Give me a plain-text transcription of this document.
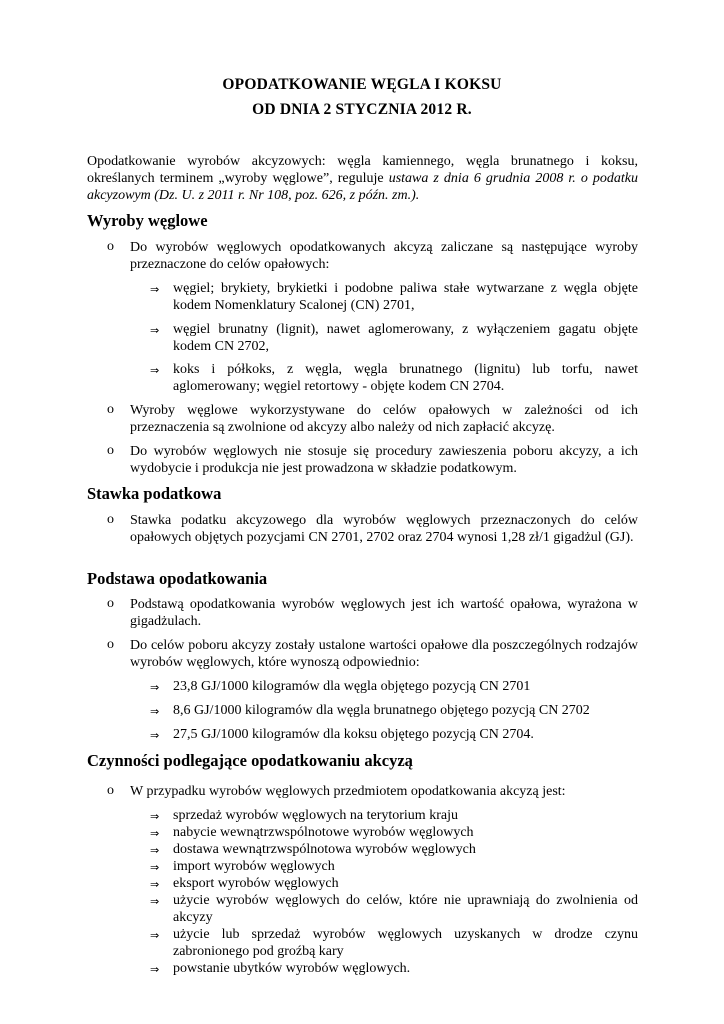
OPODATKOWANIE WĘGLA I KOKSU
OD DNIA 2 STYCZNIA 2012 R.
Opodatkowanie wyrobów akcyzowych: węgla kamiennego, węgla brunatnego i koksu, określanych terminem „wyroby węglowe”, reguluje ustawa z dnia 6 grudnia 2008 r. o podatku akcyzowym (Dz. U. z 2011 r. Nr 108, poz. 626, z późn. zm.).
Wyroby węglowe
o Do wyrobów węglowych opodatkowanych akcyzą zaliczane są następujące wyroby przeznaczone do celów opałowych:
⇒ węgiel; brykiety, brykietki i podobne paliwa stałe wytwarzane z węgla objęte kodem Nomenklatury Scalonej (CN) 2701,
⇒ węgiel brunatny (lignit), nawet aglomerowany, z wyłączeniem gagatu objęte kodem CN 2702,
⇒ koks i półkoks, z węgla, węgla brunatnego (lignitu) lub torfu, nawet aglomerowany; węgiel retortowy - objęte kodem CN 2704.
o Wyroby węglowe wykorzystywane do celów opałowych w zależności od ich przeznaczenia są zwolnione od akcyzy albo należy od nich zapłacić akcyzę.
o Do wyrobów węglowych nie stosuje się procedury zawieszenia poboru akcyzy, a ich wydobycie i produkcja nie jest prowadzona w składzie podatkowym.
Stawka podatkowa
o Stawka podatku akcyzowego dla wyrobów węglowych przeznaczonych do celów opałowych objętych pozycjami CN 2701, 2702 oraz 2704 wynosi 1,28 zł/1 gigadżul (GJ).
Podstawa opodatkowania
o Podstawą opodatkowania wyrobów węglowych jest ich wartość opałowa, wyrażona w gigadżulach.
o Do celów poboru akcyzy zostały ustalone wartości opałowe dla poszczególnych rodzajów wyrobów węglowych, które wynoszą odpowiednio:
⇒ 23,8 GJ/1000 kilogramów dla węgla objętego pozycją CN 2701
⇒ 8,6 GJ/1000 kilogramów dla węgla brunatnego objętego pozycją CN 2702
⇒ 27,5 GJ/1000 kilogramów dla koksu objętego pozycją CN 2704.
Czynności podlegające opodatkowaniu akcyzą
o W przypadku wyrobów węglowych przedmiotem opodatkowania akcyzą jest:
⇒ sprzedaż wyrobów węglowych na terytorium kraju
⇒ nabycie wewnątrzwspólnotowe wyrobów węglowych
⇒ dostawa wewnątrzwspólnotowa wyrobów węglowych
⇒ import wyrobów węglowych
⇒ eksport wyrobów węglowych
⇒ użycie wyrobów węglowych do celów, które nie uprawniają do zwolnienia od akcyzy
⇒ użycie lub sprzedaż wyrobów węglowych uzyskanych w drodze czynu zabronionego pod groźbą kary
⇒ powstanie ubytków wyrobów węglowych.
